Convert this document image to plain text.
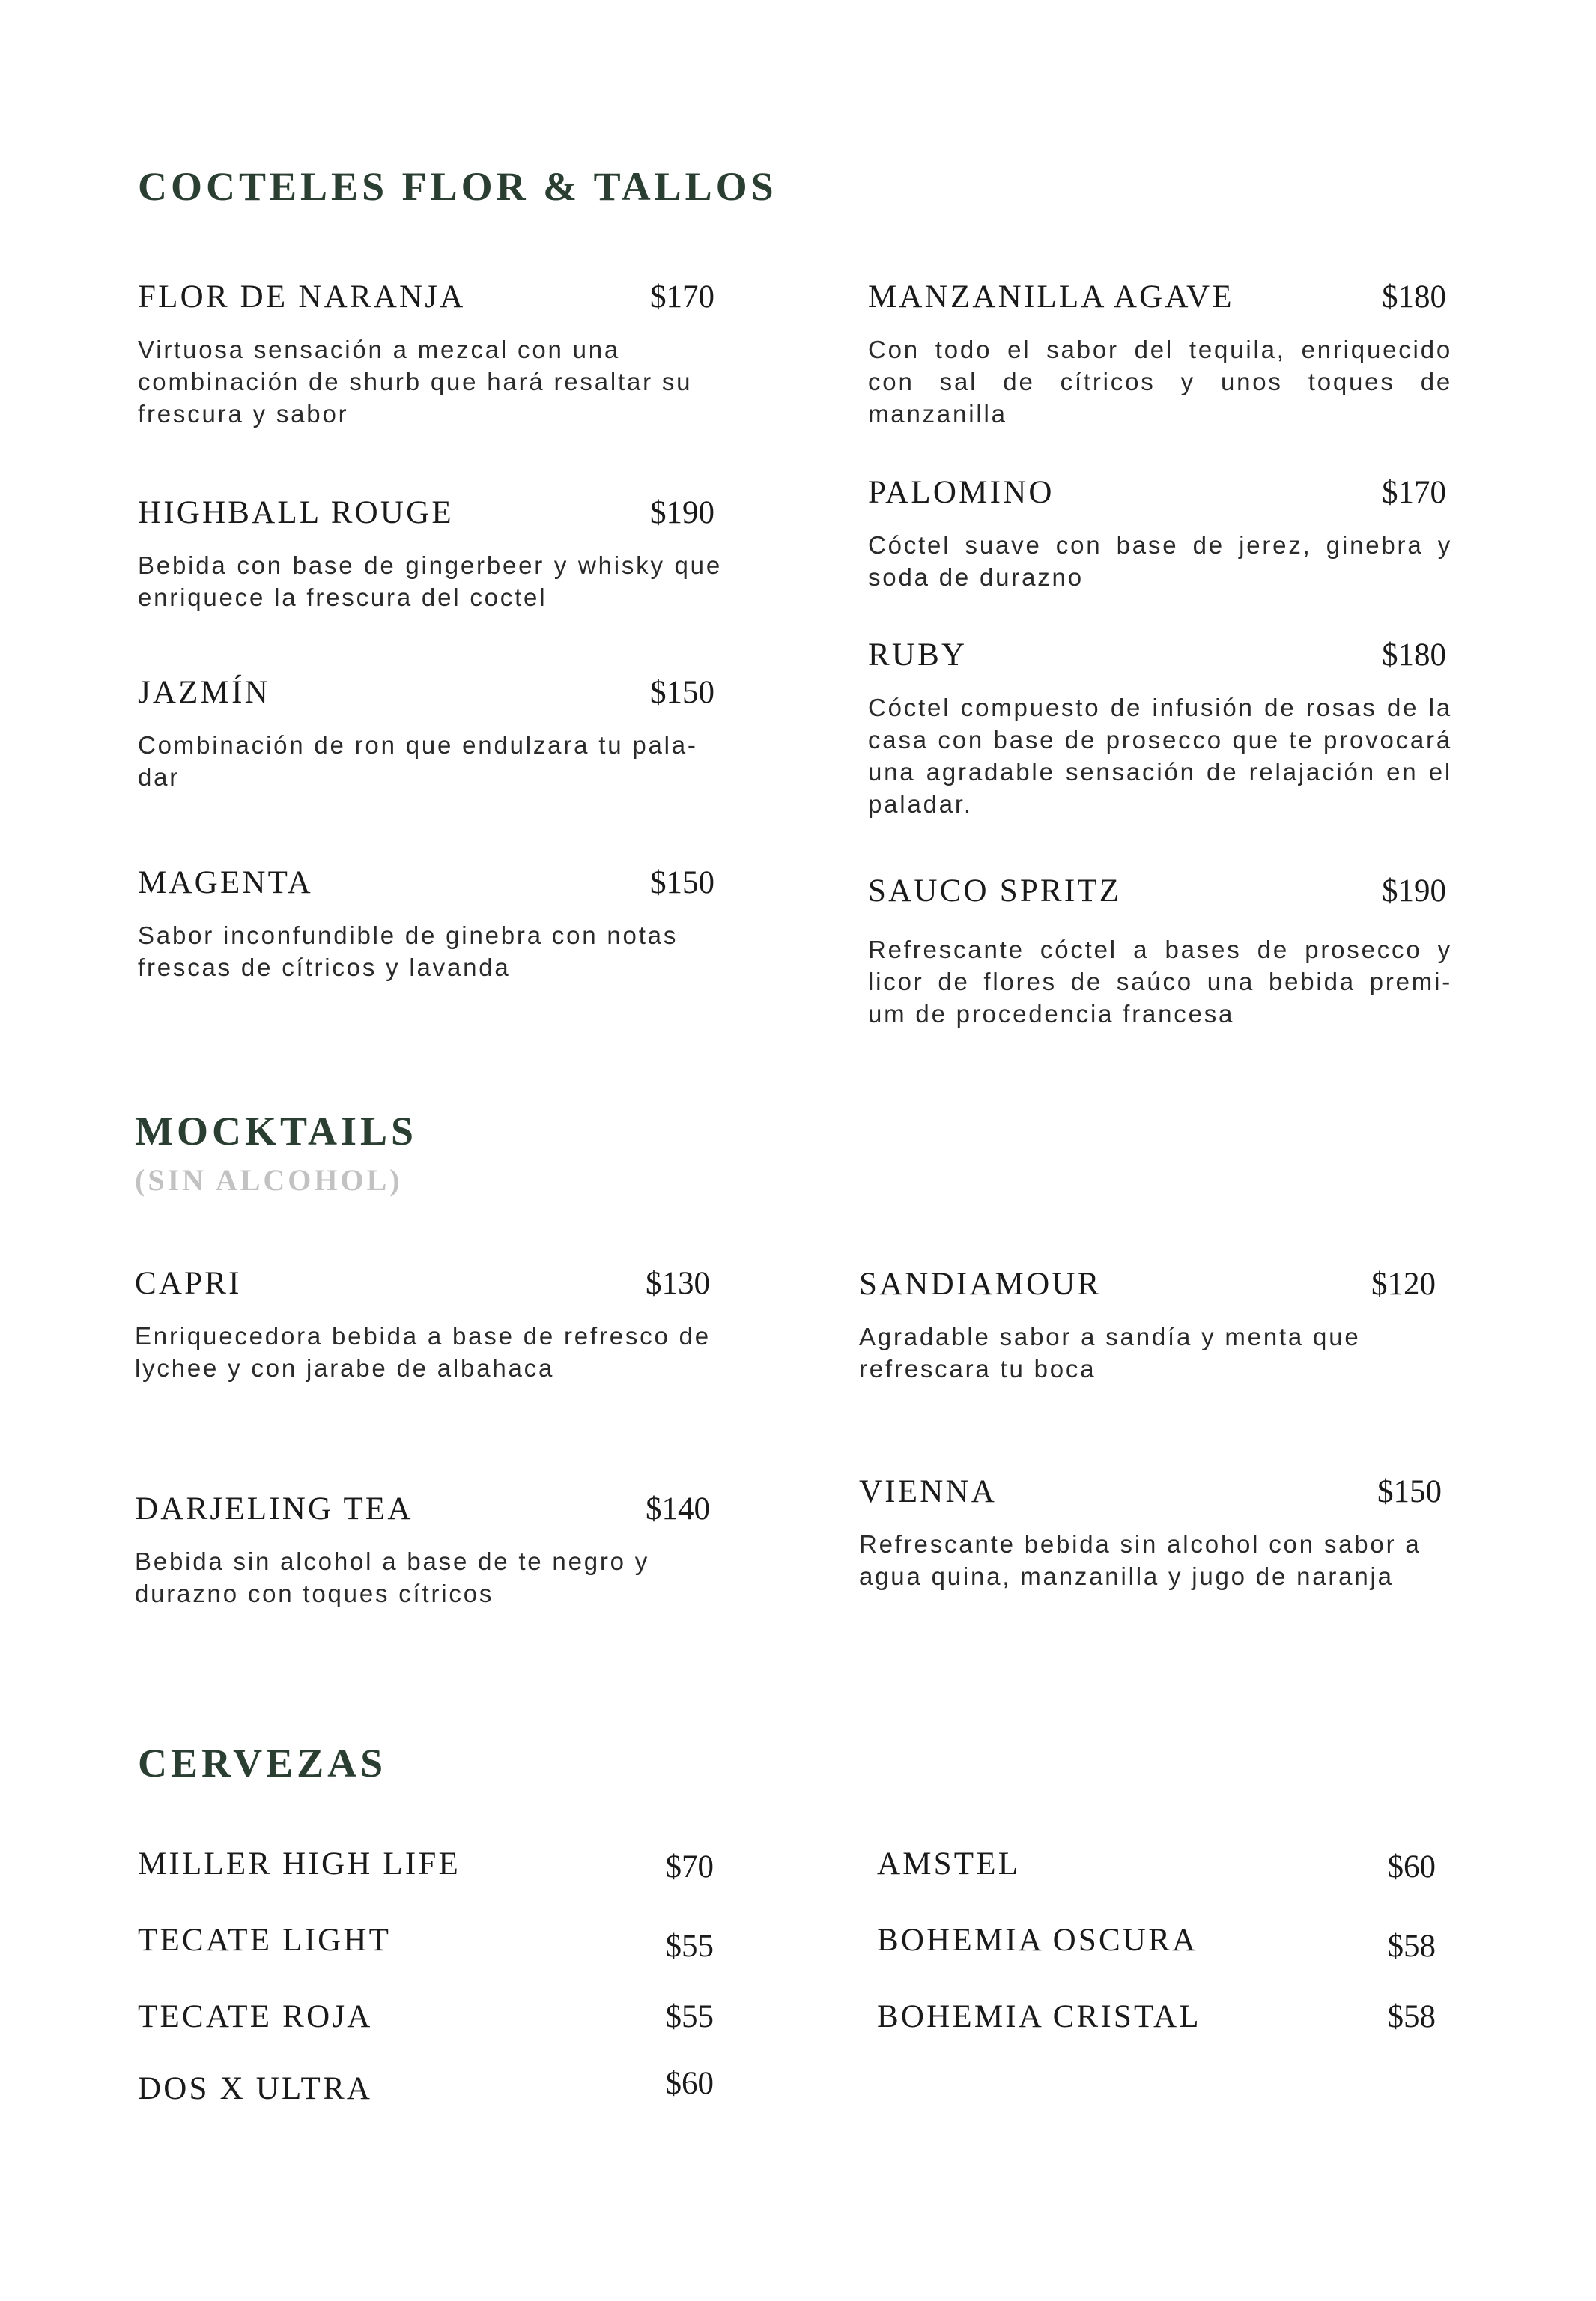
COCTELES FLOR & TALLOS
FLOR DE NARANJA	$170
Virtuosa sensación a mezcal con una combinación de shurb que hará resaltar su frescura y sabor
HIGHBALL ROUGE	$190
Bebida con base de gingerbeer y whisky que enriquece la frescura del coctel
JAZMÍN	$150
Combinación de ron que endulzara tu pala-dar
MAGENTA	$150
Sabor inconfundible de ginebra con notas frescas de cítricos y lavanda
MANZANILLA AGAVE	$180
Con todo el sabor del tequila, enriquecido con sal de cítricos y unos toques de manzanilla
PALOMINO	$170
Cóctel suave con base de jerez, ginebra y soda de durazno
RUBY	$180
Cóctel compuesto de infusión de rosas de la casa con base de prosecco que te provocará una agradable sensación de relajación en el paladar.
SAUCO SPRITZ	$190
Refrescante cóctel a bases de prosecco y licor de flores de saúco una bebida premi-um de procedencia francesa
MOCKTAILS
(SIN ALCOHOL)
CAPRI	$130
Enriquecedora bebida a base de refresco de lychee y con jarabe de albahaca
DARJELING TEA	$140
Bebida sin alcohol a base de te negro y durazno con toques cítricos
SANDIAMOUR	$120
Agradable sabor a sandía y menta que refrescara tu boca
VIENNA	$150
Refrescante bebida sin alcohol con sabor a agua quina, manzanilla y jugo de naranja
CERVEZAS
MILLER HIGH LIFE	$70
TECATE LIGHT	$55
TECATE ROJA	$55
DOS X ULTRA	$60
AMSTEL	$60
BOHEMIA OSCURA	$58
BOHEMIA CRISTAL	$58
